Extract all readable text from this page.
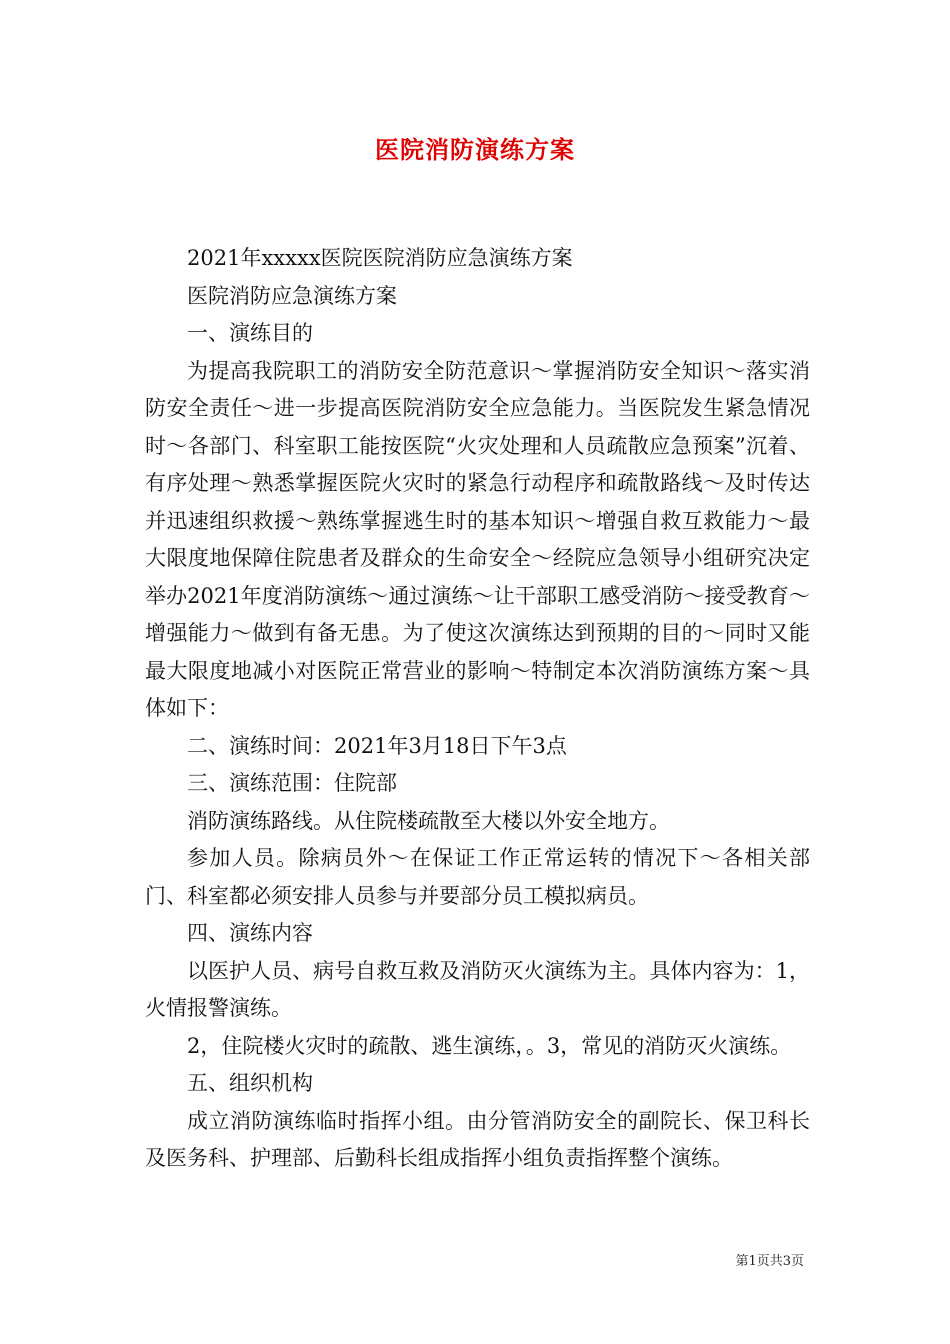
医院消防演练方案

2021年xxxxx医院医院消防应急演练方案

医院消防应急演练方案

一、演练目的

为提高我院职工的消防安全防范意识～掌握消防安全知识～落实消防安全责任～进一步提高医院消防安全应急能力。当医院发生紧急情况时～各部门、科室职工能按医院“火灾处理和人员疏散应急预案”沉着、有序处理～熟悉掌握医院火灾时的紧急行动程序和疏散路线～及时传达并迅速组织救援～熟练掌握逃生时的基本知识～增强自救互救能力～最大限度地保障住院患者及群众的生命安全～经院应急领导小组研究决定举办2021年度消防演练～通过演练～让干部职工感受消防～接受教育～增强能力～做到有备无患。为了使这次演练达到预期的目的～同时又能最大限度地减小对医院正常营业的影响～特制定本次消防演练方案～具体如下：

二、演练时间：2021年3月18日下午3点

三、演练范围：住院部

消防演练路线。从住院楼疏散至大楼以外安全地方。

参加人员。除病员外～在保证工作正常运转的情况下～各相关部门、科室都必须安排人员参与并要部分员工模拟病员。

四、演练内容

以医护人员、病号自救互救及消防灭火演练为主。具体内容为：1，火情报警演练。

2，住院楼火灾时的疏散、逃生演练，。3，常见的消防灭火演练。

五、组织机构

成立消防演练临时指挥小组。由分管消防安全的副院长、保卫科长及医务科、护理部、后勤科长组成指挥小组负责指挥整个演练。

第1页共3页
